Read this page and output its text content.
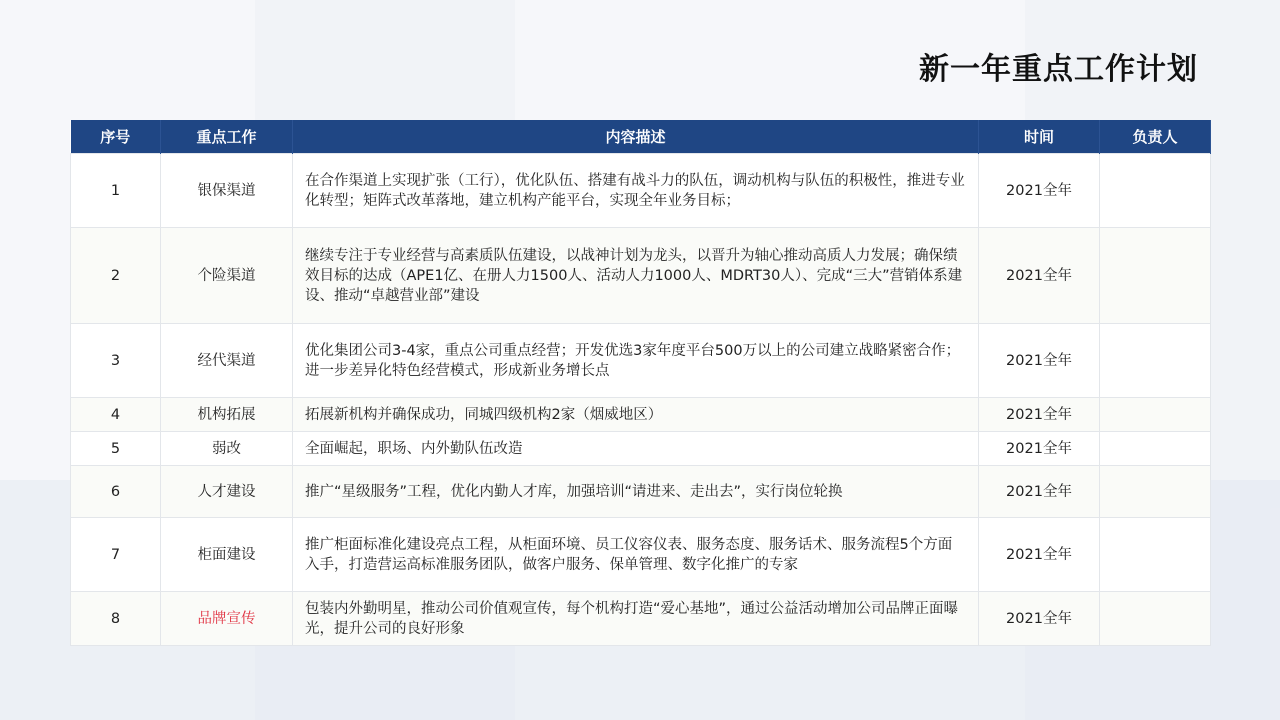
新一年重点工作计划
序号	重点工作	内容描述	时间	负责人
1	银保渠道	在合作渠道上实现扩张（工行），优化队伍、搭建有战斗力的队伍，调动机构与队伍的积极性，推进专业化转型；矩阵式改革落地，建立机构产能平台，实现全年业务目标；	2021全年	
2	个险渠道	继续专注于专业经营与高素质队伍建设，以战神计划为龙头，以晋升为轴心推动高质人力发展；确保绩效目标的达成（APE1亿、在册人力1500人、活动人力1000人、MDRT30人）、完成“三大”营销体系建设、推动“卓越营业部”建设	2021全年	
3	经代渠道	优化集团公司3-4家，重点公司重点经营；开发优选3家年度平台500万以上的公司建立战略紧密合作；进一步差异化特色经营模式，形成新业务增长点	2021全年	
4	机构拓展	拓展新机构并确保成功，同城四级机构2家（烟威地区）	2021全年	
5	弱改	全面崛起，职场、内外勤队伍改造	2021全年	
6	人才建设	推广“星级服务”工程，优化内勤人才库，加强培训“请进来、走出去”，实行岗位轮换	2021全年	
7	柜面建设	推广柜面标准化建设亮点工程，从柜面环境、员工仪容仪表、服务态度、服务话术、服务流程5个方面入手，打造营运高标准服务团队，做客户服务、保单管理、数字化推广的专家	2021全年	
8	品牌宣传	包装内外勤明星，推动公司价值观宣传，每个机构打造“爱心基地”，通过公益活动增加公司品牌正面曝光，提升公司的良好形象	2021全年	
